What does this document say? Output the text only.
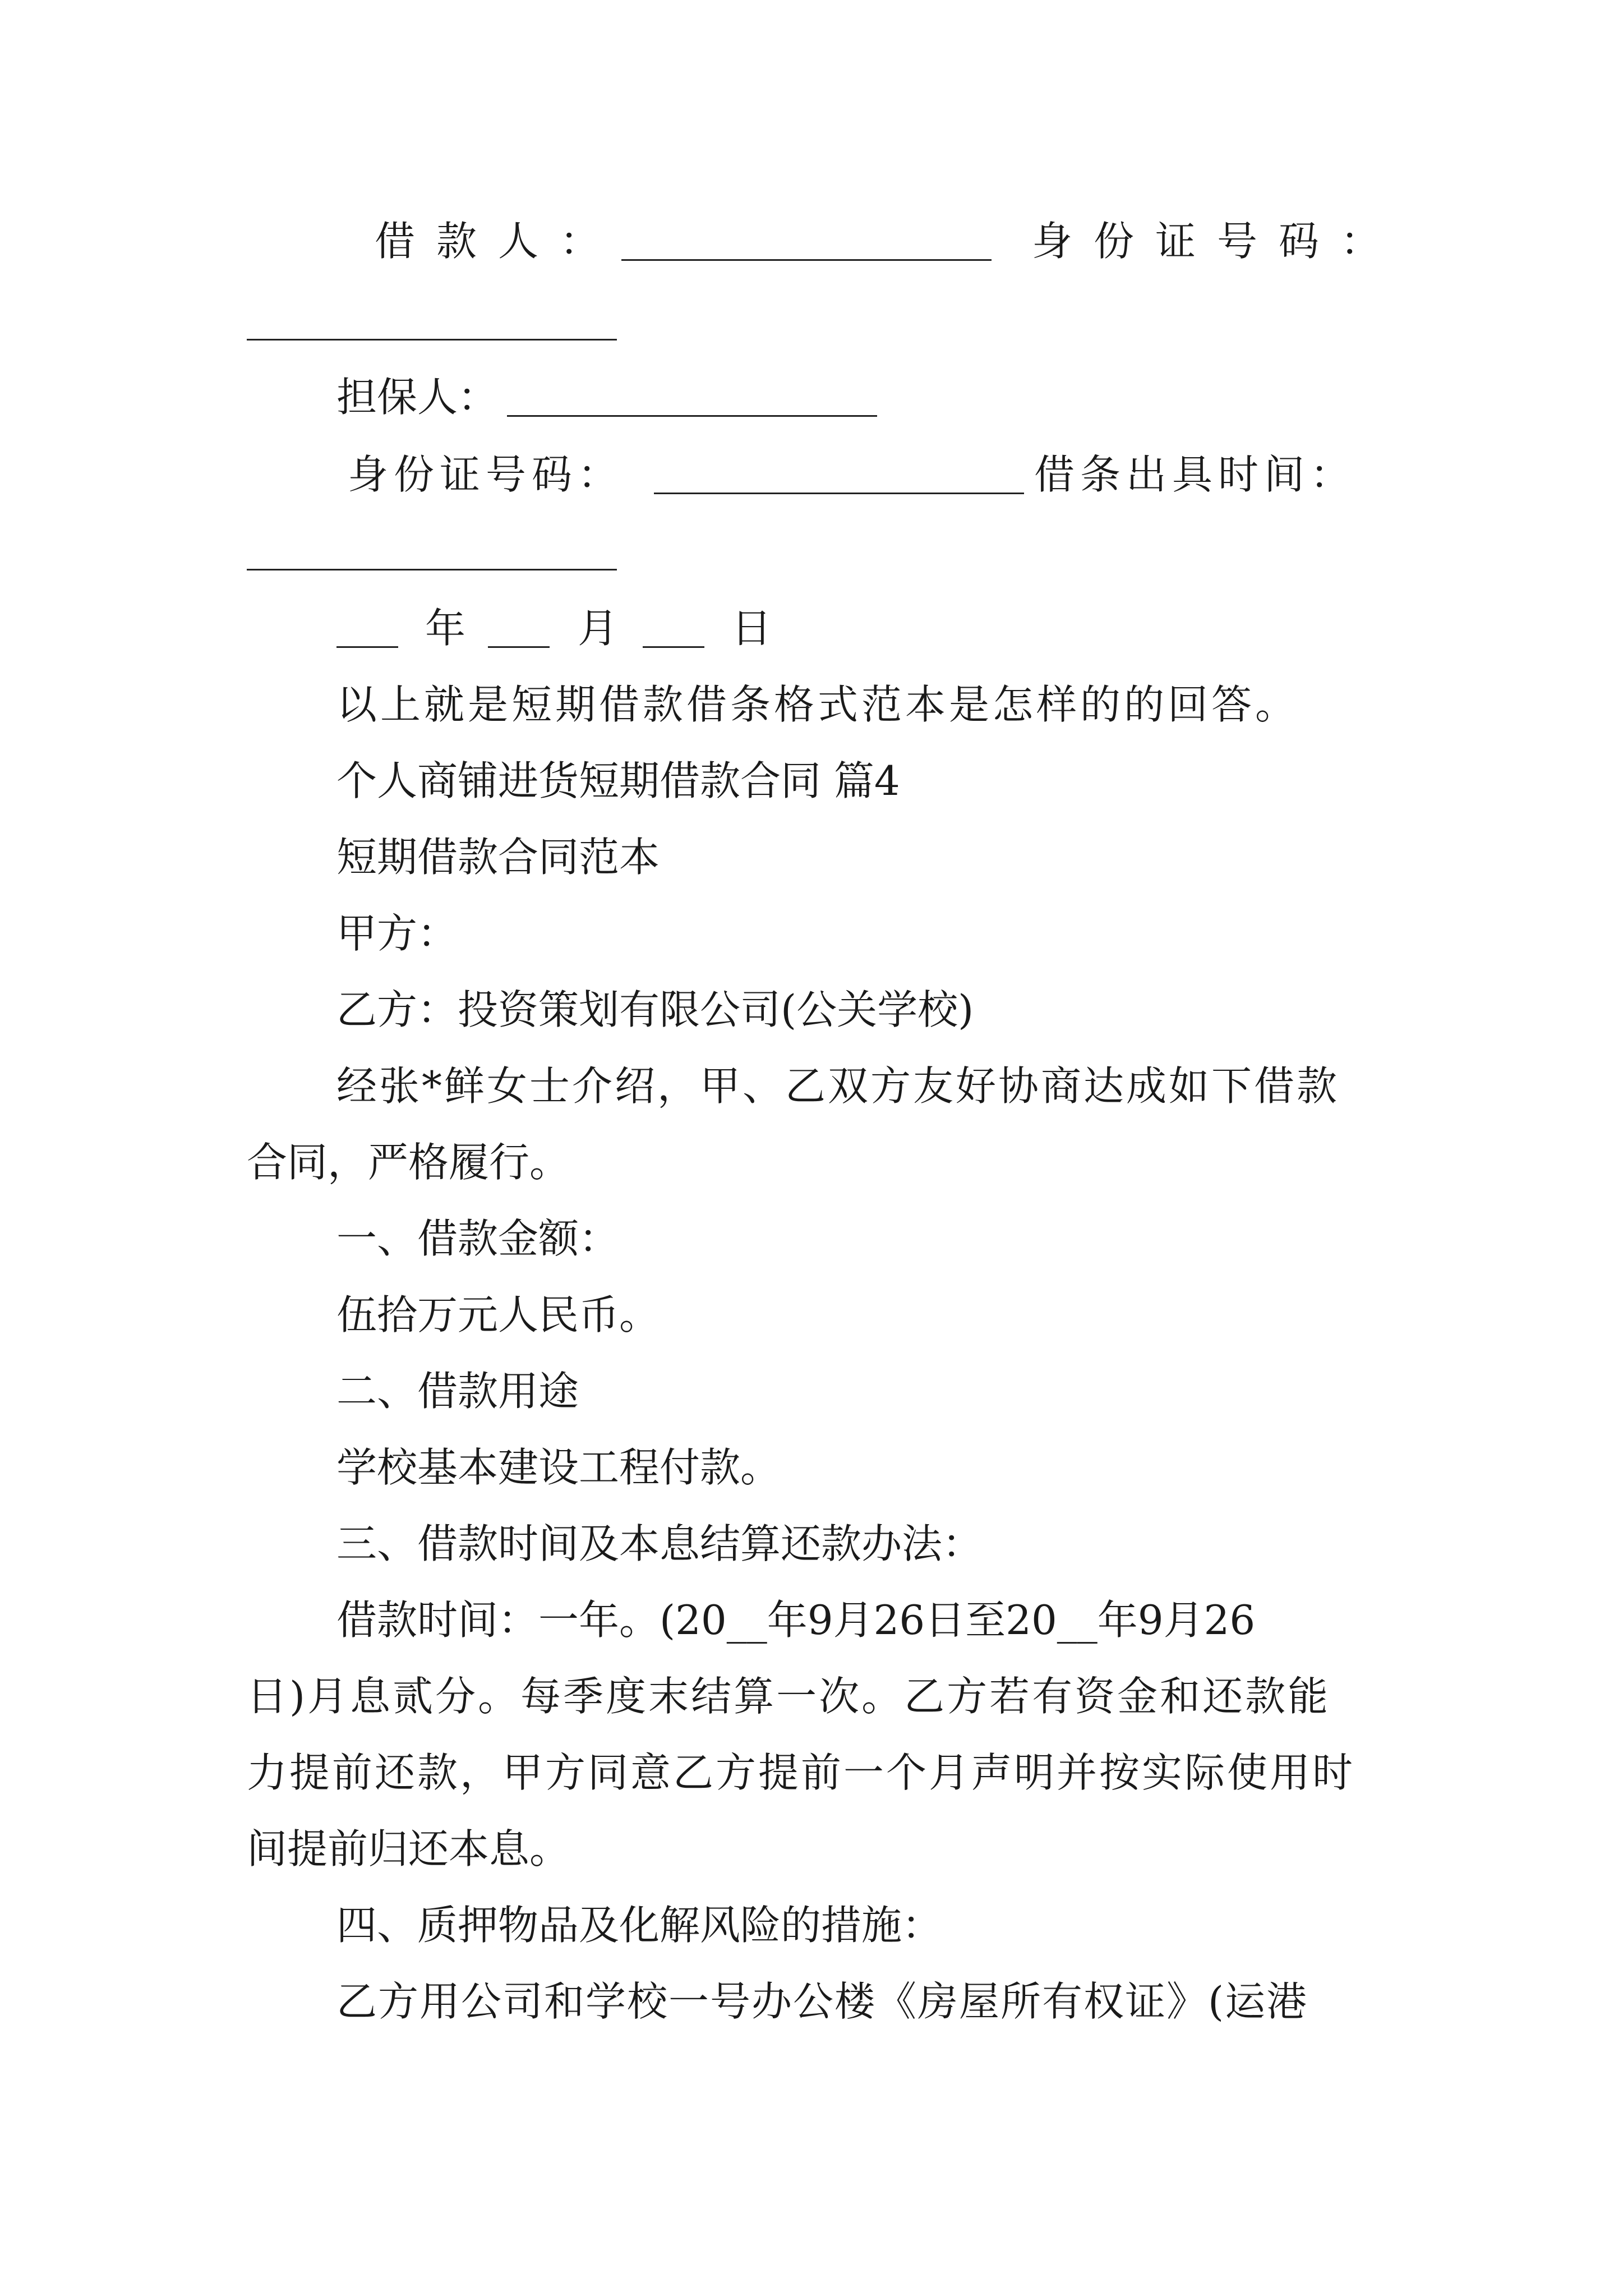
借款人：	身份证号码：
担保人：
身份证号码：	借条出具时间：
年	月	日
以上就是短期借款借条格式范本是怎样的的回答。
个人商铺进货短期借款合同 篇4
短期借款合同范本
甲方：
乙方：投资策划有限公司(公关学校)
经张*鲜女士介绍，甲、乙双方友好协商达成如下借款
合同，严格履行。
一、借款金额：
伍拾万元人民币。
二、借款用途
学校基本建设工程付款。
三、借款时间及本息结算还款办法：
借款时间：一年。(20__年9月26日至20__年9月26
日)月息贰分。每季度末结算一次。乙方若有资金和还款能
力提前还款，甲方同意乙方提前一个月声明并按实际使用时
间提前归还本息。
四、质押物品及化解风险的措施：
乙方用公司和学校一号办公楼《房屋所有权证》(运港
